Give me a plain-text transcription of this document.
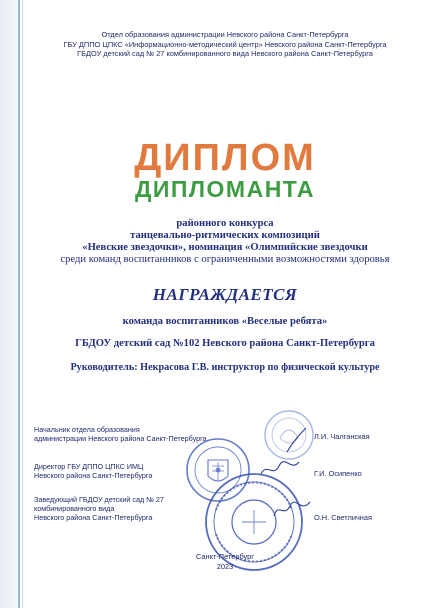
Отдел образования администрации Невского района Санкт-Петербурга
ГБУ ДППО ЦПКС «Информационно-методический центр» Невского района Санкт-Петербурга
ГБДОУ детский сад № 27 комбинированного вида Невского района Санкт-Петербурга
ДИПЛОМ
ДИПЛОМАНТА
районного конкурса
танцевально-ритмических композиций
«Невские звездочки», номинация «Олимпийские звездочки
среди команд воспитанников с ограниченными возможностями здоровья
НАГРАЖДАЕТСЯ
команда воспитанников «Веселые ребята»
ГБДОУ детский сад №102 Невского района Санкт-Петербурга
Руководитель: Некрасова Г.В. инструктор по физической культуре
Начальник отдела образования
администрации Невского района Санкт-Петербурга	Л.И. Чалганская
Директор ГБУ ДППО ЦПКС ИМЦ
Невского района Санкт-Петербурга	Г.И. Осипенко
Заведующий ГБДОУ детский сад № 27
комбинированного вида
Невского района Санкт-Петербурга	О.Н. Светличная
Санкт-Петербург
2023
